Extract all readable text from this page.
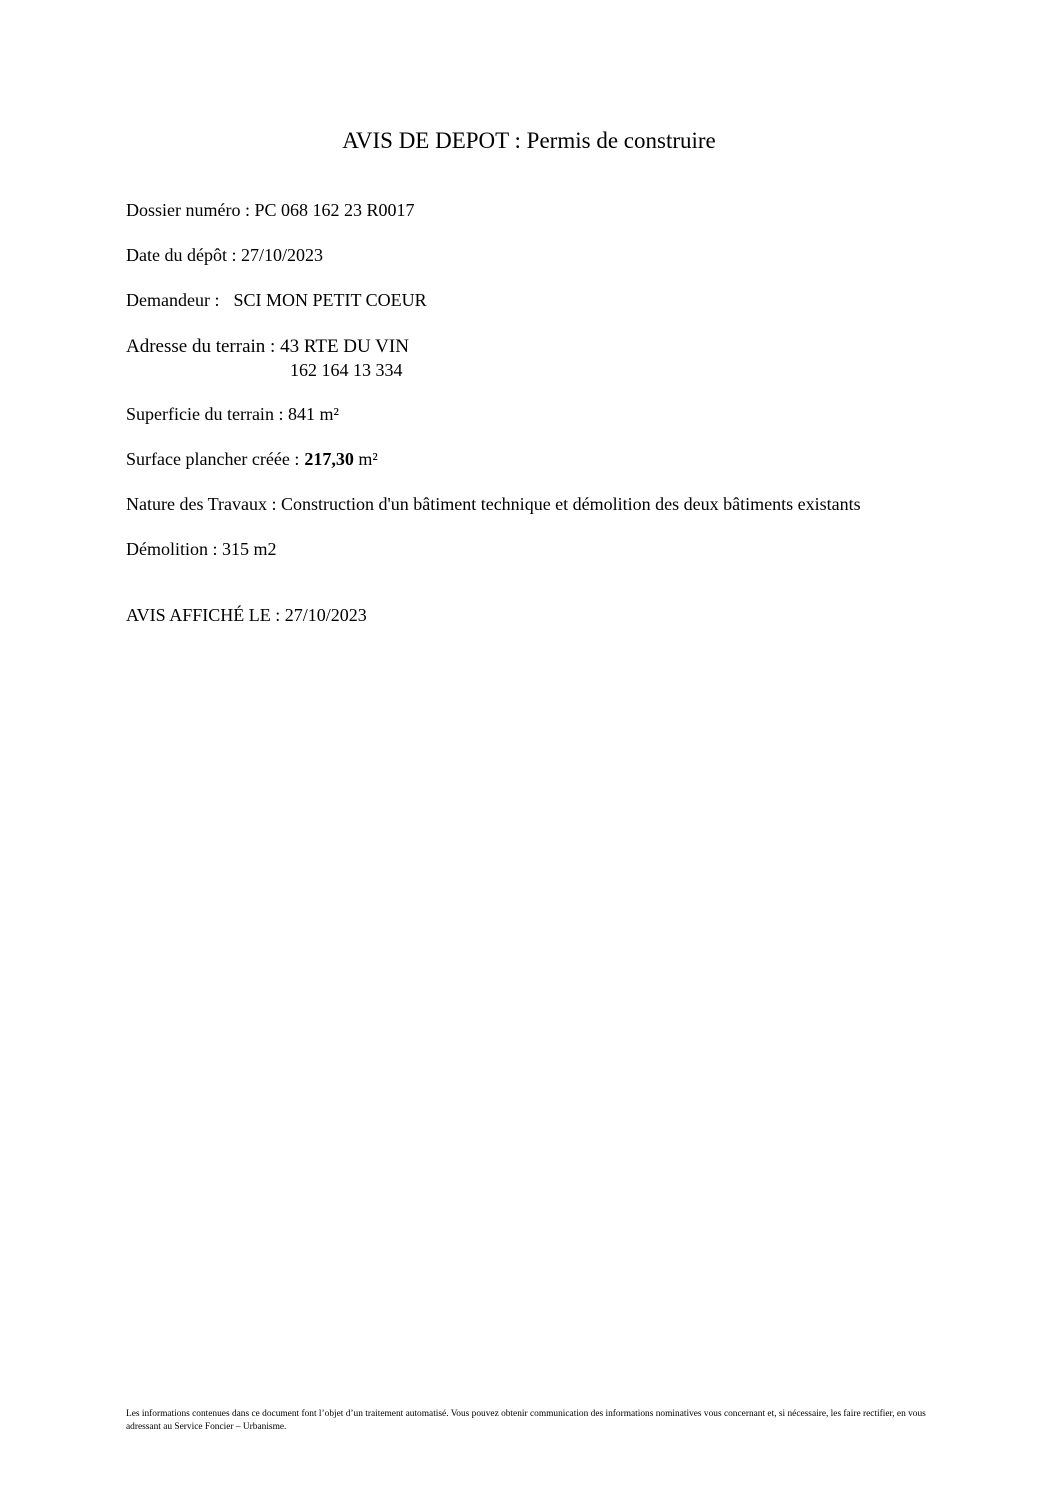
AVIS DE DEPOT : Permis de construire
Dossier numéro : PC 068 162 23 R0017
Date du dépôt : 27/10/2023
Demandeur : SCI MON PETIT COEUR
Adresse du terrain : 43 RTE DU VIN
162 164 13 334
Superficie du terrain : 841 m²
Surface plancher créée : 217,30 m²
Nature des Travaux : Construction d'un bâtiment technique et démolition des deux bâtiments existants
Démolition : 315 m2
AVIS AFFICHÉ LE : 27/10/2023
Les informations contenues dans ce document font l’objet d’un traitement automatisé. Vous pouvez obtenir communication des informations nominatives vous concernant et, si nécessaire, les faire rectifier, en vous adressant au Service Foncier – Urbanisme.
